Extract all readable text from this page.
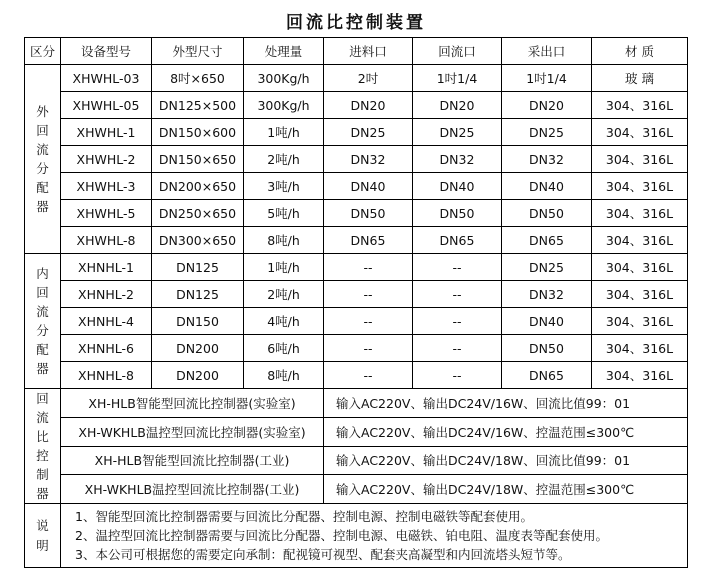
回流比控制装置
区分	设备型号	外型尺寸	处理量	进料口	回流口	采出口	材 质

外回流分配器	XHWHL-03	8吋×650	300Kg/h	2吋	1吋1/4	1吋1/4	玻 璃
	XHWHL-05	DN125×500	300Kg/h	DN20	DN20	DN20	304、316L
	XHWHL-1	DN150×600	1吨/h	DN25	DN25	DN25	304、316L
	XHWHL-2	DN150×650	2吨/h	DN32	DN32	DN32	304、316L
	XHWHL-3	DN200×650	3吨/h	DN40	DN40	DN40	304、316L
	XHWHL-5	DN250×650	5吨/h	DN50	DN50	DN50	304、316L
	XHWHL-8	DN300×650	8吨/h	DN65	DN65	DN65	304、316L

内回流分配器	XHNHL-1	DN125	1吨/h	--	--	DN25	304、316L
	XHNHL-2	DN125	2吨/h	--	--	DN32	304、316L
	XHNHL-4	DN150	4吨/h	--	--	DN40	304、316L
	XHNHL-6	DN200	6吨/h	--	--	DN50	304、316L
	XHNHL-8	DN200	8吨/h	--	--	DN65	304、316L

回流比控制器	XH-HLB智能型回流比控制器(实验室)			输入AC220V、输出DC24V/16W、回流比值99：01			
	XH-WKHLB温控型回流比控制器(实验室)			输入AC220V、输出DC24V/16W、控温范围≤300℃			
	XH-HLB智能型回流比控制器(工业)			输入AC220V、输出DC24V/18W、回流比值99：01			
	XH-WKHLB温控型回流比控制器(工业)			输入AC220V、输出DC24V/18W、控温范围≤300℃			

说明	1、智能型回流比控制器需要与回流比分配器、控制电源、控制电磁铁等配套使用。
2、温控型回流比控制器需要与回流比分配器、控制电源、电磁铁、铂电阻、温度表等配套使用。
3、本公司可根据您的需要定向承制：配视镜可视型、配套夹高凝型和内回流塔头短节等。						
